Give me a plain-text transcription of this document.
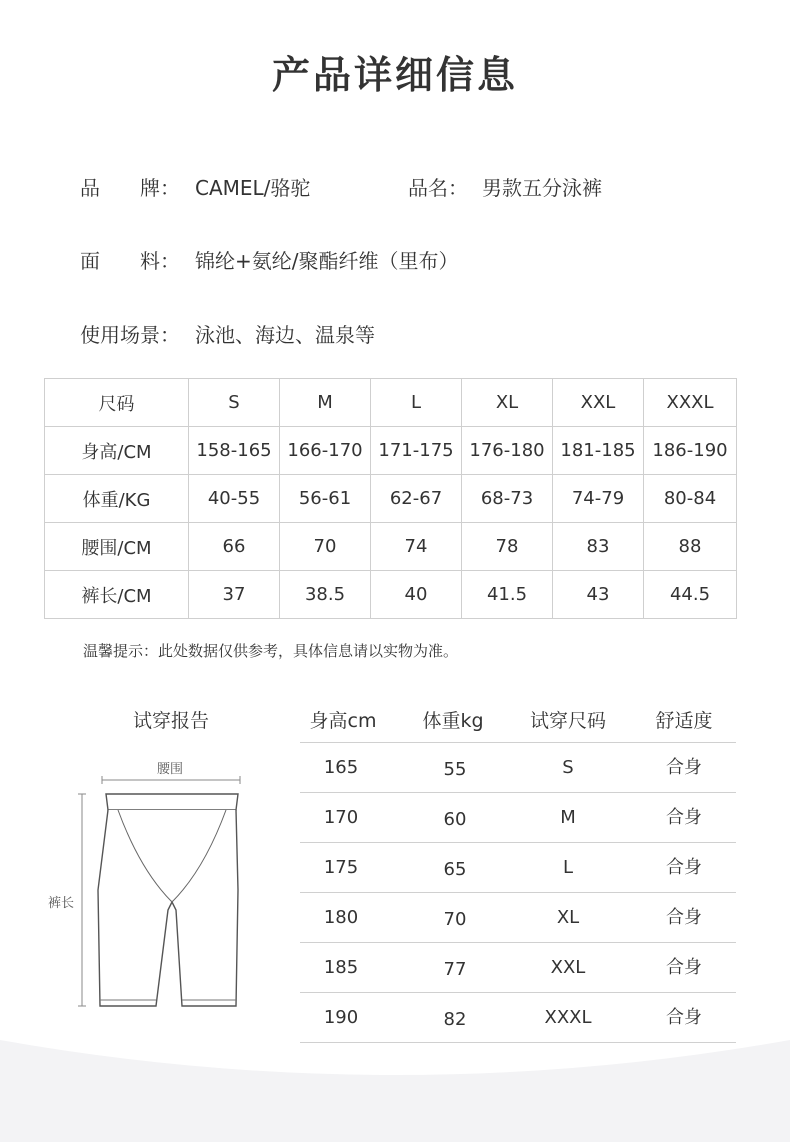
产品详细信息
品　　牌： CAMEL/骆驼	品名： 男款五分泳裤
面　　料： 锦纶+氨纶/聚酯纤维（里布）
使用场景： 泳池、海边、温泉等
尺码	S	M	L	XL	XXL	XXXL
身高/CM	158-165	166-170	171-175	176-180	181-185	186-190
体重/KG	40-55	56-61	62-67	68-73	74-79	80-84
腰围/CM	66	70	74	78	83	88
裤长/CM	37	38.5	40	41.5	43	44.5
温馨提示：此处数据仅供参考，具体信息请以实物为准。
试穿报告
腰围
裤长
身高cm	体重kg	试穿尺码	舒适度
165	55	S	合身
170	60	M	合身
175	65	L	合身
180	70	XL	合身
185	77	XXL	合身
190	82	XXXL	合身
